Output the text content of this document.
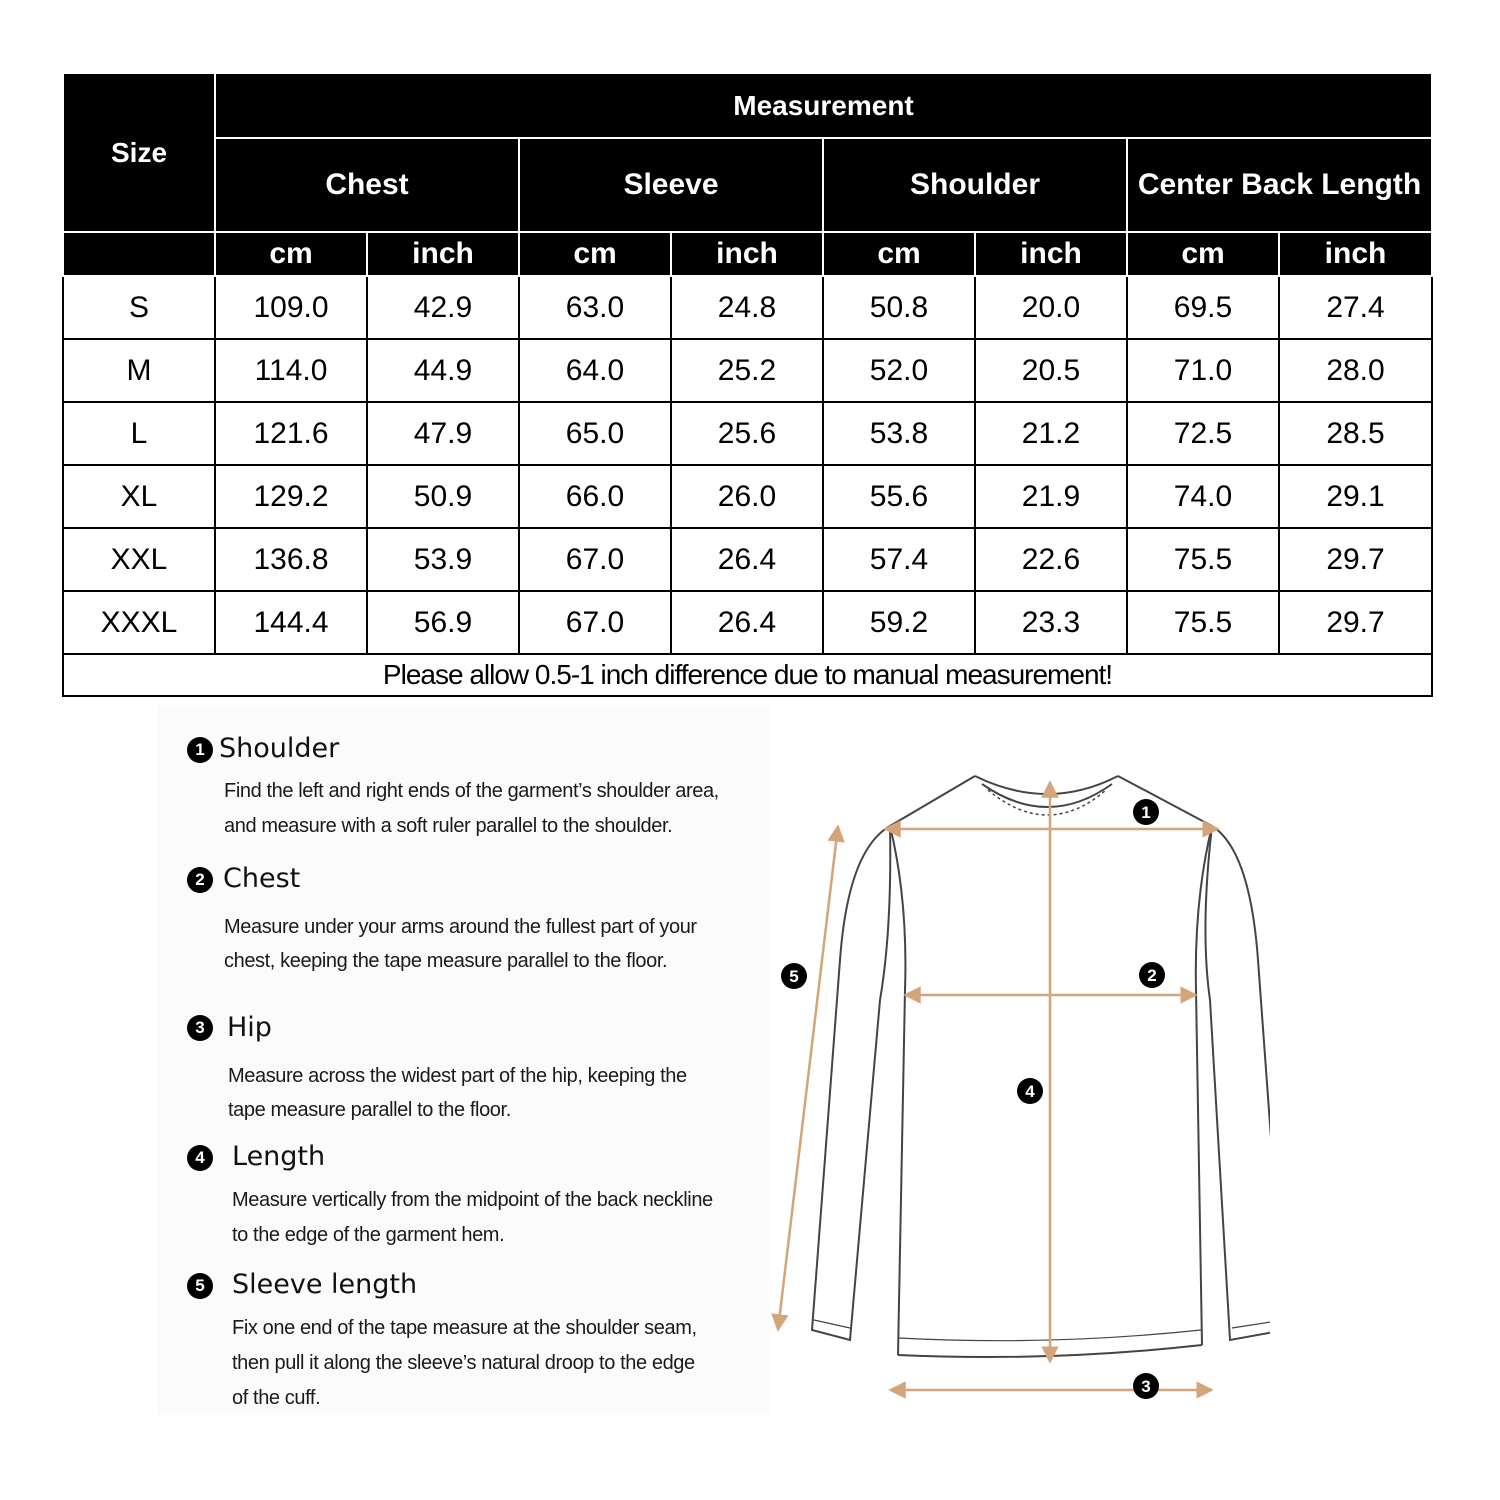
Size	Measurement							
	Chest		Sleeve		Shoulder		Center Back Length	
	cm	inch	cm	inch	cm	inch	cm	inch
S	109.0	42.9	63.0	24.8	50.8	20.0	69.5	27.4
M	114.0	44.9	64.0	25.2	52.0	20.5	71.0	28.0
L	121.6	47.9	65.0	25.6	53.8	21.2	72.5	28.5
XL	129.2	50.9	66.0	26.0	55.6	21.9	74.0	29.1
XXL	136.8	53.9	67.0	26.4	57.4	22.6	75.5	29.7
XXXL	144.4	56.9	67.0	26.4	59.2	23.3	75.5	29.7
Please allow 0.5-1 inch difference due to manual measurement!								
1 Shoulder
Find the left and right ends of the garment’s shoulder area,
and measure with a soft ruler parallel to the shoulder.
2 Chest
Measure under your arms around the fullest part of your
chest, keeping the tape measure parallel to the floor.
3 Hip
Measure across the widest part of the hip, keeping the
tape measure parallel to the floor.
4	Length
Measure vertically from the midpoint of the back neckline
to the edge of the garment hem.
5	Sleeve length
Fix one end of the tape measure at the shoulder seam,
then pull it along the sleeve’s natural droop to the edge
of the cuff.
1
2
3
4
5
